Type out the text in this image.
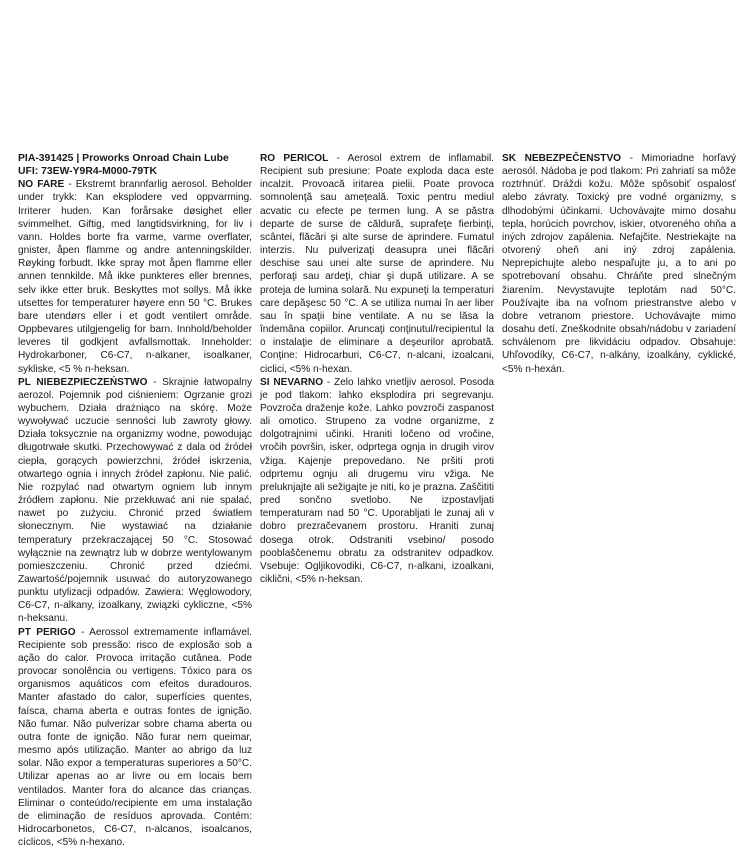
PIA-391425 | Proworks Onroad Chain Lube

UFI: 73EW-Y9R4-M000-79TK

NO FARE - Ekstremt brannfarlig aerosol. Beholder under trykk: Kan eksplodere ved oppvarming. Irriterer huden. Kan forårsake døsighet eller svimmelhet. Giftig, med langtidsvirkning, for liv i vann. Holdes borte fra varme, varme overflater, gnister, åpen flamme og andre antenningskilder. Røyking forbudt. Ikke spray mot åpen flamme eller annen tennkilde. Må ikke punkteres eller brennes, selv ikke etter bruk. Beskyttes mot sollys. Må ikke utsettes for temperaturer høyere enn 50 °C. Brukes bare utendørs eller i et godt ventilert område. Oppbevares utilgjengelig for barn. Innhold/beholder leveres til godkjent avfallsmottak. Inneholder: Hydrokarboner, C6-C7, n-alkaner, isoalkaner, sykliske, <5 % n-heksan.

PL NIEBEZPIECZEŃSTWO - Skrajnie łatwopalny aerozol. Pojemnik pod ciśnieniem: Ogrzanie grozi wybuchem. Działa drażniąco na skórę. Może wywoływać uczucie senności lub zawroty głowy. Działa toksycznie na organizmy wodne, powodując długotrwałe skutki. Przechowywać z dala od źródeł ciepła, gorących powierzchni, źródeł iskrzenia, otwartego ognia i innych źródeł zapłonu. Nie palić. Nie rozpylać nad otwartym ogniem lub innym źródłem zapłonu. Nie przekłuwać ani nie spalać, nawet po zużyciu. Chronić przed światłem słonecznym. Nie wystawiać na działanie temperatury przekraczającej 50 °C. Stosować wyłącznie na zewnątrz lub w dobrze wentylowanym pomieszczeniu. Chronić przed dziećmi. Zawartość/pojemnik usuwać do autoryzowanego punktu utylizacji odpadów. Zawiera: Węglowodory, C6-C7, n-alkany, izoalkany, związki cykliczne, <5% n-heksanu.

PT PERIGO - Aerossol extremamente inflamável. Recipiente sob pressão: risco de explosão sob a ação do calor. Provoca irritação cutânea. Pode provocar sonolência ou vertigens. Tóxico para os organismos aquáticos com efeitos duradouros. Manter afastado do calor, superfícies quentes, faísca, chama aberta e outras fontes de ignição. Não fumar. Não pulverizar sobre chama aberta ou outra fonte de ignição. Não furar nem queimar, mesmo após utilização. Manter ao abrigo da luz solar. Não expor a temperaturas superiores a 50°C. Utilizar apenas ao ar livre ou em locais bem ventilados. Manter fora do alcance das crianças. Eliminar o conteúdo/recipiente em uma instalação de eliminação de resíduos aprovada. Contém: Hidrocarbonetos, C6-C7, n-alcanos, isoalcanos, cíclicos, <5% n-hexano.

RO PERICOL - Aerosol extrem de inflamabil. Recipient sub presiune: Poate exploda daca este incalzit. Provoacă iritarea pielii. Poate provoca somnolenţă sau ameţeală. Toxic pentru mediul acvatic cu efecte pe termen lung. A se păstra departe de surse de căldură, suprafeţe fierbinţi, scântei, flăcări şi alte surse de aprindere. Fumatul interzis. Nu pulverizaţi deasupra unei flăcări deschise sau unei alte surse de aprindere. Nu perforaţi sau ardeţi, chiar şi după utilizare. A se proteja de lumina solară. Nu expuneţi la temperaturi care depăşesc 50 °C. A se utiliza numai în aer liber sau în spaţii bine ventilate. A nu se lăsa la îndemâna copiilor. Aruncaţi conţinutul/recipientul la o instalaţie de eliminare a deşeurilor aprobată. Conţine: Hidrocarburi, C6-C7, n-alcani, izoalcani, ciclici, <5% n-hexan.

SI NEVARNO - Zelo lahko vnetljiv aerosol. Posoda je pod tlakom: lahko eksplodira pri segrevanju. Povzroča draženje kože. Lahko povzroči zaspanost ali omotico. Strupeno za vodne organizme, z dolgotrajnimi učinki. Hraniti ločeno od vročine, vročih površin, isker, odprtega ognja in drugih virov vžiga. Kajenje prepovedano. Ne pršiti proti odprtemu ognju ali drugemu viru vžiga. Ne preluknjajte ali sežigajte je niti, ko je prazna. Zaščititi pred sončno svetlobo. Ne izpostavljati temperaturam nad 50 °C. Uporabljati le zunaj ali v dobro prezračevanem prostoru. Hraniti zunaj dosega otrok. Odstraniti vsebino/ posodo pooblaščenemu obratu za odstranitev odpadkov. Vsebuje: Ogljikovodiki, C6-C7, n-alkani, izoalkani, ciklični, <5% n-heksan.

SK NEBEZPEČENSTVO - Mimoriadne horľavý aerosól. Nádoba je pod tlakom: Pri zahriatí sa môže roztrhnúť. Dráždi kožu. Môže spôsobiť ospalosť alebo závraty. Toxický pre vodné organizmy, s dlhodobými účinkami. Uchovávajte mimo dosahu tepla, horúcich povrchov, iskier, otvoreného ohňa a iných zdrojov zapálenia. Nefajčite. Nestriekajte na otvorený oheň ani iný zdroj zapálenia. Neprepichujte alebo nespaľujte ju, a to ani po spotrebovaní obsahu. Chráňte pred slnečným žiarením. Nevystavujte teplotám nad 50°C. Používajte iba na voľnom priestranstve alebo v dobre vetranom priestore. Uchovávajte mimo dosahu detí. Zneškodnite obsah/nádobu v zariadení schválenom pre likvidáciu odpadov. Obsahuje: Uhľovodíky, C6-C7, n-alkány, izoalkány, cyklické, <5% n-hexán.
